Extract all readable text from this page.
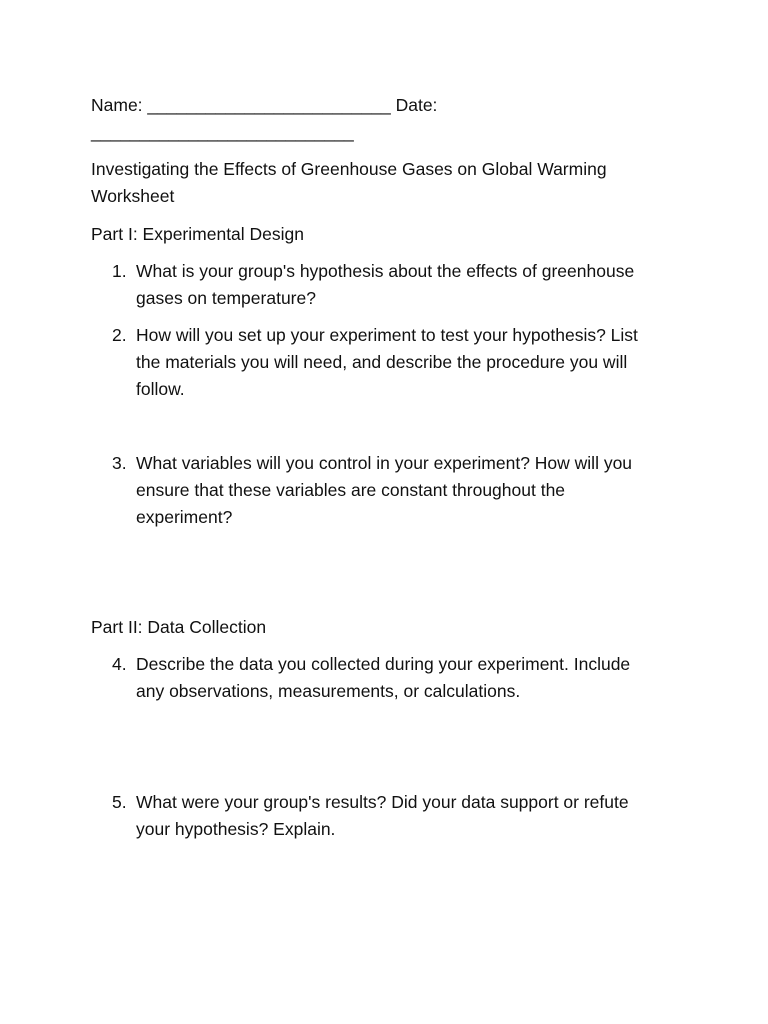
Name: _________________________ Date:
___________________________
Investigating the Effects of Greenhouse Gases on Global Warming
Worksheet
Part I: Experimental Design
1. What is your group's hypothesis about the effects of greenhouse
gases on temperature?
2. How will you set up your experiment to test your hypothesis? List
the materials you will need, and describe the procedure you will
follow.
3. What variables will you control in your experiment? How will you
ensure that these variables are constant throughout the
experiment?
Part II: Data Collection
4. Describe the data you collected during your experiment. Include
any observations, measurements, or calculations.
5. What were your group's results? Did your data support or refute
your hypothesis? Explain.
